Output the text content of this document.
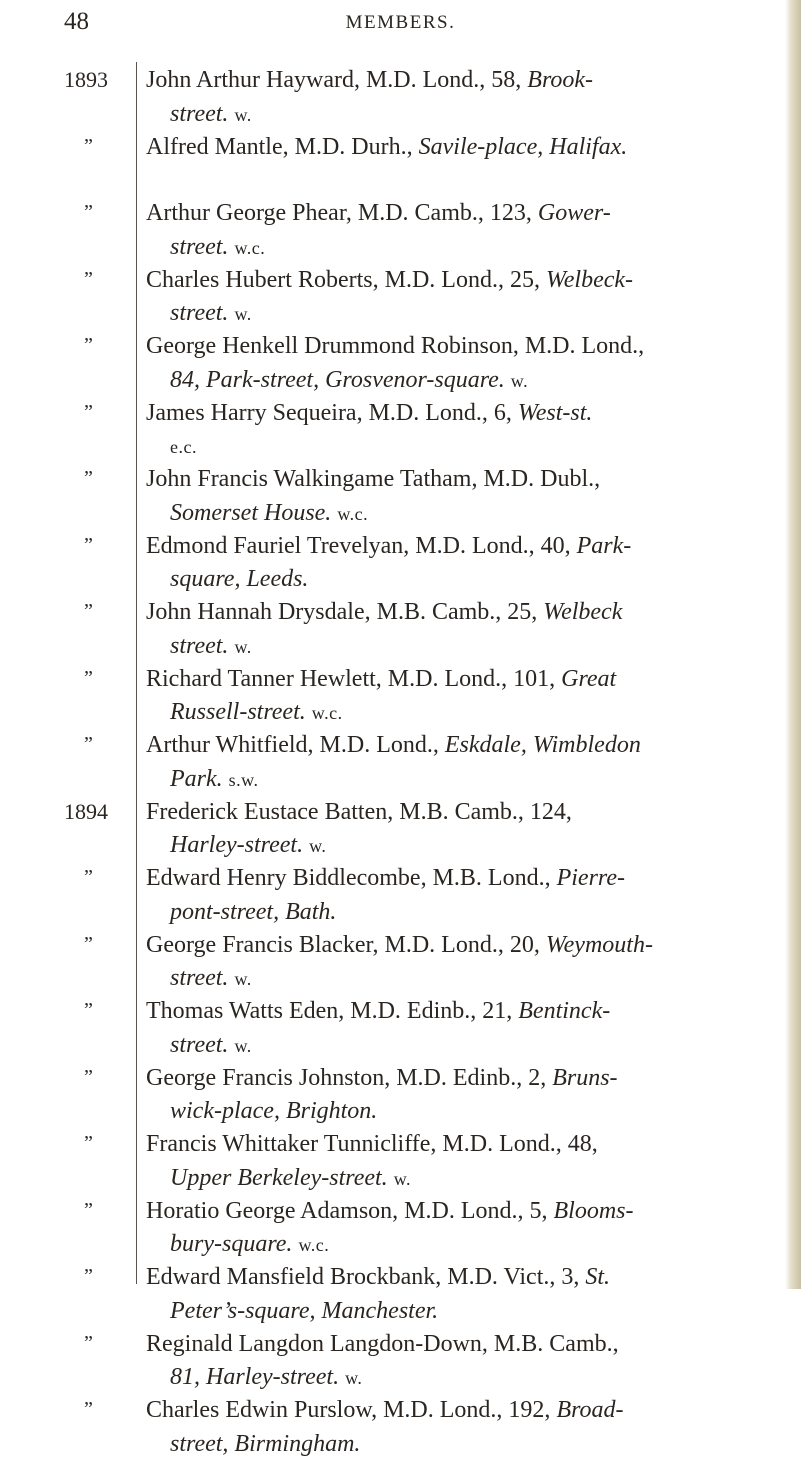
48	MEMBERS.
1893	John Arthur Hayward, M.D. Lond., 58, Brook-
street. w.
”	Alfred Mantle, M.D. Durh., Savile-place, Halifax.
”	Arthur George Phear, M.D. Camb., 123, Gower-
street. w.c.
”	Charles Hubert Roberts, M.D. Lond., 25, Welbeck-
street. w.
”	George Henkell Drummond Robinson, M.D. Lond.,
84, Park-street, Grosvenor-square. w.
”	James Harry Sequeira, M.D. Lond., 6, West-st.
e.c.
”	John Francis Walkingame Tatham, M.D. Dubl.,
Somerset House. w.c.
”	Edmond Fauriel Trevelyan, M.D. Lond., 40, Park-
square, Leeds.
”	John Hannah Drysdale, M.B. Camb., 25, Welbeck
street. w.
”	Richard Tanner Hewlett, M.D. Lond., 101, Great
Russell-street. w.c.
”	Arthur Whitfield, M.D. Lond., Eskdale, Wimbledon
Park. s.w.
1894	Frederick Eustace Batten, M.B. Camb., 124,
Harley-street. w.
”	Edward Henry Biddlecombe, M.B. Lond., Pierre-
pont-street, Bath.
”	George Francis Blacker, M.D. Lond., 20, Weymouth-
street. w.
”	Thomas Watts Eden, M.D. Edinb., 21, Bentinck-
street. w.
”	George Francis Johnston, M.D. Edinb., 2, Bruns-
wick-place, Brighton.
”	Francis Whittaker Tunnicliffe, M.D. Lond., 48,
Upper Berkeley-street. w.
”	Horatio George Adamson, M.D. Lond., 5, Blooms-
bury-square. w.c.
”	Edward Mansfield Brockbank, M.D. Vict., 3, St.
Peter’s-square, Manchester.
”	Reginald Langdon Langdon-Down, M.B. Camb.,
81, Harley-street. w.
”	Charles Edwin Purslow, M.D. Lond., 192, Broad-
street, Birmingham.
